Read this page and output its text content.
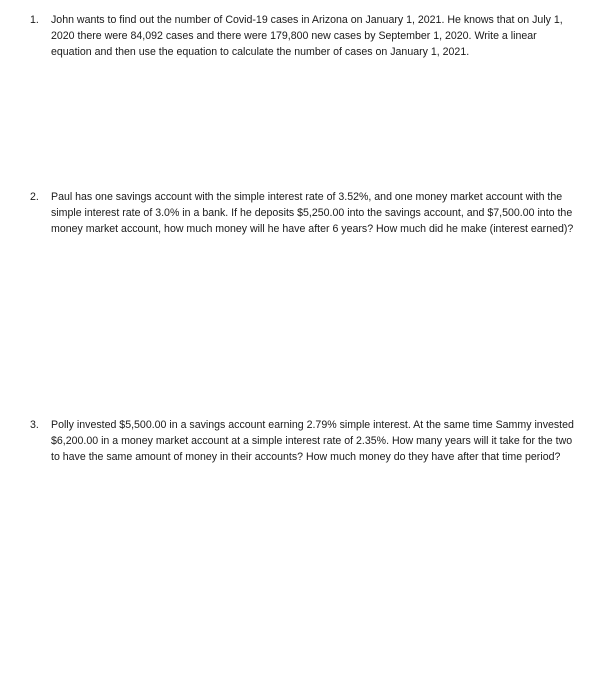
1.	John wants to find out the number of Covid-19 cases in Arizona on January 1, 2021. He knows that on July 1, 2020 there were 84,092 cases and there were 179,800 new cases by September 1, 2020. Write a linear equation and then use the equation to calculate the number of cases on January 1, 2021.

2.	Paul has one savings account with the simple interest rate of 3.52%, and one money market account with the simple interest rate of 3.0% in a bank. If he deposits $5,250.00 into the savings account, and $7,500.00 into the money market account, how much money will he have after 6 years? How much did he make (interest earned)?

3.	Polly invested $5,500.00 in a savings account earning 2.79% simple interest. At the same time Sammy invested $6,200.00 in a money market account at a simple interest rate of 2.35%. How many years will it take for the two to have the same amount of money in their accounts? How much money do they have after that time period?
